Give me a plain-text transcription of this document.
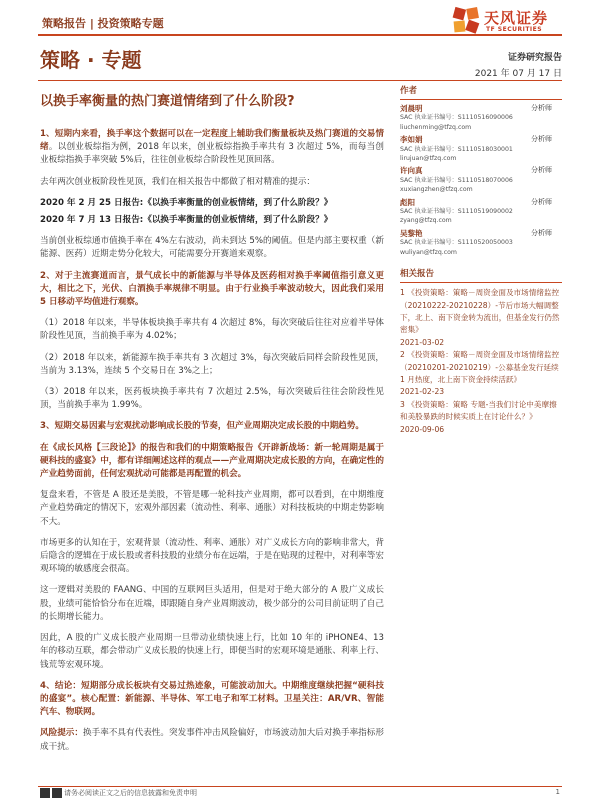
策略报告 | 投资策略专题	天风证券
TF SECURITIES
策略 · 专题	证券研究报告
2021 年 07 月 17 日
以换手率衡量的热门赛道情绪到了什么阶段?

1、短期内来看，换手率这个数据可以在一定程度上辅助我们衡量板块及热门赛道的交易情绪。以创业板综指为例，2018 年以来，创业板综指换手率共有 3 次超过 5%，而每当创业板综指换手率突破 5%后，往往创业板综合阶段性见顶回落。

去年两次创业板阶段性见顶，我们在相关报告中都做了相对精准的提示：

2020 年 2 月 25 日报告:《以换手率衡量的创业板情绪，到了什么阶段？》

2020 年 7 月 13 日报告:《以换手率衡量的创业板情绪，到了什么阶段？》

当前创业板综通市值换手率在 4%左右波动，尚未到达 5%的阈值。但是内部主要权重（新能源、医药）近期走势分化较大，可能需要分开赛道来观察。

2、对于主流赛道而言，景气成长中的新能源与半导体及医药相对换手率阈值指引意义更大，相比之下，光伏、白酒换手率规律不明显。由于行业换手率波动较大，因此我们采用 5 日移动平均值进行观察。

（1）2018 年以来，半导体板块换手率共有 4 次超过 8%，每次突破后往往对应着半导体阶段性见顶，当前换手率为 4.02%；

（2）2018 年以来，新能源车换手率共有 3 次超过 3%，每次突破后同样会阶段性见顶，当前为 3.13%，连续 5 个交易日在 3%之上；

（3）2018 年以来，医药板块换手率共有 7 次超过 2.5%，每次突破后往往会阶段性见顶，当前换手率为 1.99%。

3、短期交易因素与宏观扰动影响成长股的节奏，但产业周期决定成长股的中期趋势。

在《成长风格【三段论】》的报告和我们的中期策略报告《开辟新战场：新一轮周期是属于硬科技的盛宴》中，都有详细阐述这样的观点——产业周期决定成长股的方向，在确定性的产业趋势面前，任何宏观扰动可能都是再配置的机会。

复盘来看，不管是 A 股还是美股，不管是哪一轮科技产业周期，都可以看到，在中期维度产业趋势确定的情况下，宏观外部因素（流动性、利率、通胀）对科技板块的中期走势影响不大。

市场更多的认知在于，宏观背景（流动性、利率、通胀）对广义成长方向的影响非常大，背后隐含的逻辑在于成长股或者科技股的业绩分布在远端，于是在贴现的过程中，对利率等宏观环境的敏感度会很高。

这一逻辑对美股的 FAANG、中国的互联网巨头适用，但是对于绝大部分的 A 股广义成长股，业绩可能恰恰分布在近端，即跟随自身产业周期波动，极少部分的公司目前证明了自己的长期增长能力。

因此，A 股的广义成长股产业周期一旦带动业绩快速上行，比如 10 年的 iPHONE4、13 年的移动互联，都会带动广义成长股的快速上行，即便当时的宏观环境是通胀、利率上行、钱荒等宏观环境。

4、结论：短期部分成长板块有交易过热迹象，可能波动加大。中期维度继续把握“硬科技的盛宴”。核心配置：新能源、半导体、军工电子和军工材料。卫星关注：AR/VR、智能汽车、物联网。

风险提示：换手率不具有代表性。突发事件冲击风险偏好，市场波动加大后对换手率指标形成干扰。

作者
刘晨明	分析师
SAC 执业证书编号：S1110516090006
liuchenming@tfzq.com
李如娟	分析师
SAC 执业证书编号：S1110518030001
lirujuan@tfzq.com
许向真	分析师
SAC 执业证书编号：S1110518070006
xuxiangzhen@tfzq.com
彪阳	分析师
SAC 执业证书编号：S1110519090002
zyang@tfzq.com
吴黎艳	分析师
SAC 执业证书编号：S1110520050003
wuliyan@tfzq.com
相关报告
1 《投资策略：策略－周资金面及市场情绪监控（20210222-20210228）-节后市场大幅调整下，北上、南下资金转为流出，但基金发行仍然密集》
2021-03-02
2 《投资策略：策略－周资金面及市场情绪监控（20210201-20210219）-公募基金发行延续 1 月热度，北上南下资金持续活跃》
2021-02-23
3 《投资策略：策略 专题-当我们讨论中美摩擦和美股暴跌的时候实质上在讨论什么？》
2020-09-06
请务必阅读正文之后的信息披露和免责申明	1
